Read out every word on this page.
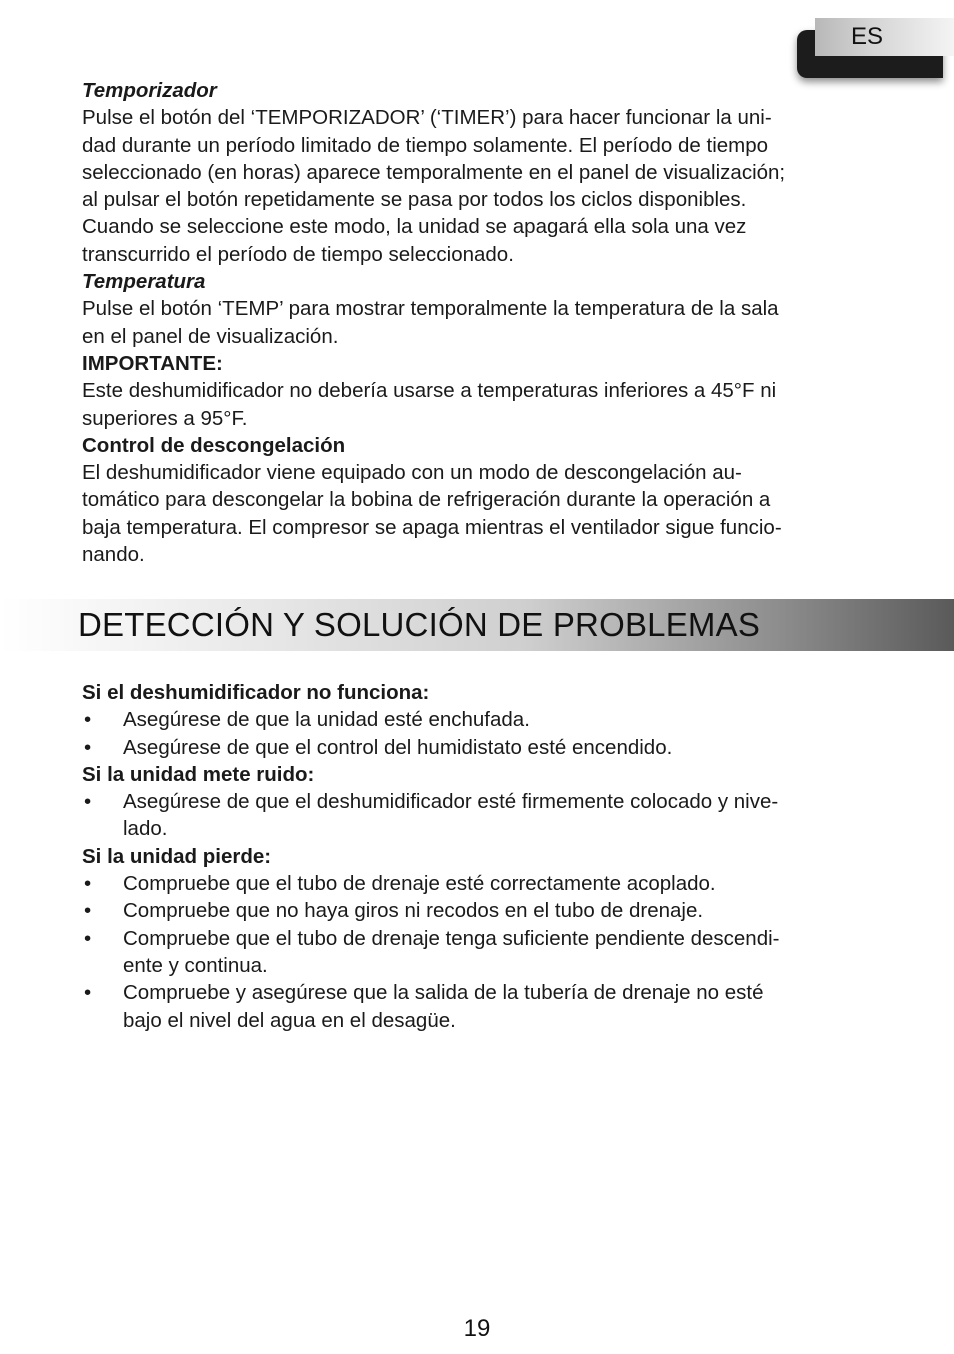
ES

Temporizador

Pulse el botón del ‘TEMPORIZADOR’ (‘TIMER’) para hacer funcionar la uni-

dad durante un período limitado de tiempo solamente. El período de tiempo

seleccionado (en horas) aparece temporalmente en el panel de visualización;

al pulsar el botón repetidamente se pasa por todos los ciclos disponibles.

Cuando se seleccione este modo, la unidad se apagará ella sola una vez

transcurrido el período de tiempo seleccionado.

Temperatura

Pulse el botón ‘TEMP’ para mostrar temporalmente la temperatura de la sala

en el panel de visualización.

IMPORTANTE:

Este deshumidificador no debería usarse a temperaturas inferiores a 45°F ni

superiores a 95°F.

Control de descongelación

El deshumidificador viene equipado con un modo de descongelación au-

tomático para descongelar la bobina de refrigeración durante la operación a

baja temperatura. El compresor se apaga mientras el ventilador sigue funcio-

nando.

DETECCIÓN Y SOLUCIÓN DE PROBLEMAS

Si el deshumidificador no funciona:

• Asegúrese de que la unidad esté enchufada.

• Asegúrese de que el control del humidistato esté encendido.

Si la unidad mete ruido:

• Asegúrese de que el deshumidificador esté firmemente colocado y nive-

lado.

Si la unidad pierde:

• Compruebe que el tubo de drenaje esté correctamente acoplado.

• Compruebe que no haya giros ni recodos en el tubo de drenaje.

• Compruebe que el tubo de drenaje tenga suficiente pendiente descendi-

ente y continua.

• Compruebe y asegúrese que la salida de la tubería de drenaje no esté

bajo el nivel del agua en el desagüe.

19
